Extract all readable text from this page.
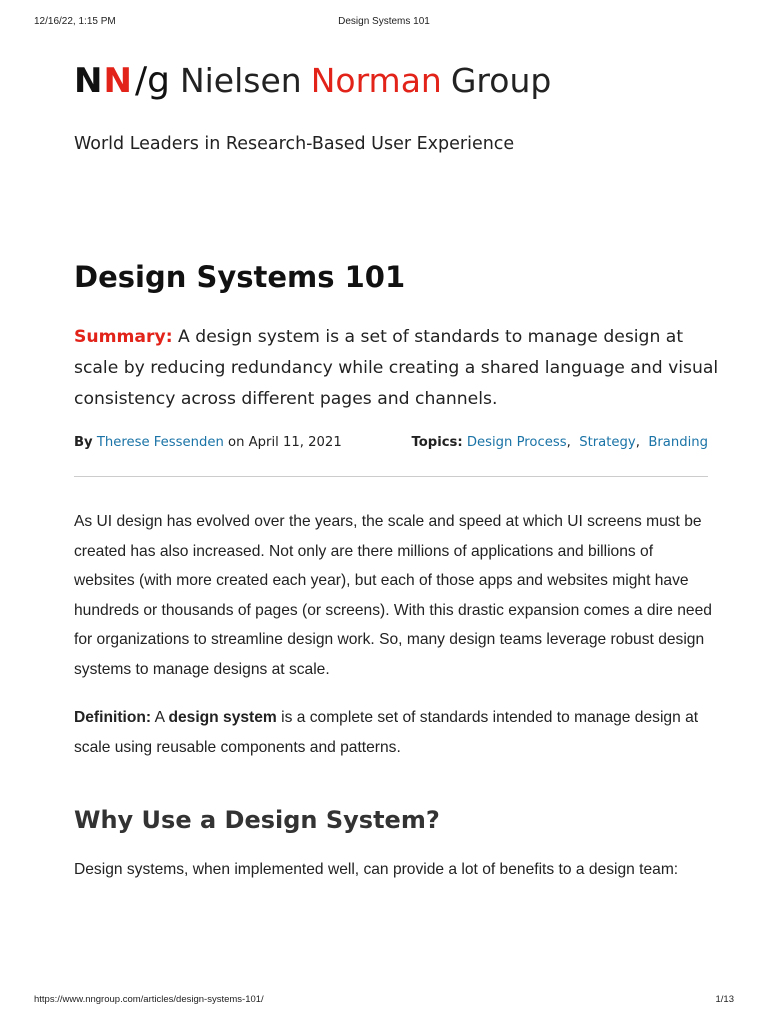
12/16/22, 1:15 PM	Design Systems 101
N N / g Nielsen Norman Group
World Leaders in Research-Based User Experience
Design Systems 101

Summary: A design system is a set of standards to manage design at scale by reducing redundancy while creating a shared language and visual consistency across different pages and channels.

By Therese Fessenden on April 11, 2021	Topics: Design Process, Strategy, Branding

As UI design has evolved over the years, the scale and speed at which UI screens must be created has also increased. Not only are there millions of applications and billions of websites (with more created each year), but each of those apps and websites might have hundreds or thousands of pages (or screens). With this drastic expansion comes a dire need for organizations to streamline design work. So, many design teams leverage robust design systems to manage designs at scale.

Definition: A design system is a complete set of standards intended to manage design at scale using reusable components and patterns.

Why Use a Design System?

Design systems, when implemented well, can provide a lot of benefits to a design team:

https://www.nngroup.com/articles/design-systems-101/	1/13
